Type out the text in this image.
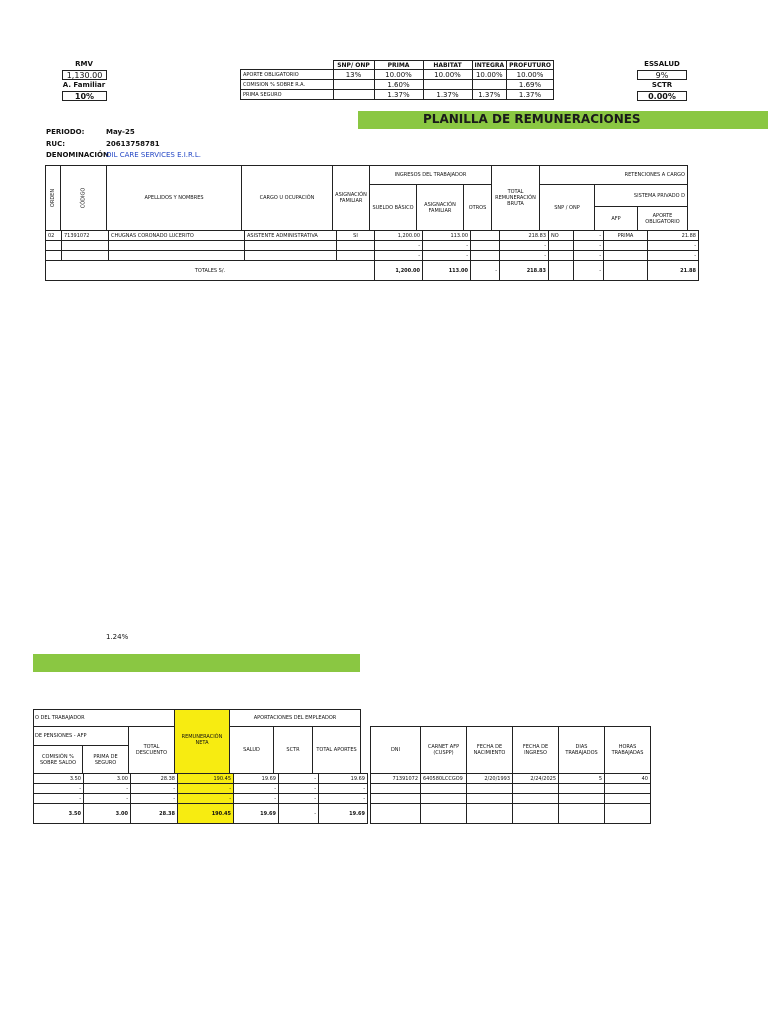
RMV
1,130.00
A. Familiar
10%
ESSALUD
9%
SCTR
0.00%
	SNP/ ONP	PRIMA	HABITAT	INTEGRA	PROFUTURO
APORTE OBLIGATORIO	13%	10.00%	10.00%	10.00%	10.00%
COMISION % SOBRE R.A.		1.60%			1.69%
PRIMA SEGURO		1.37%	1.37%	1.37%	1.37%
PLANILLA DE REMUNERACIONES
PERIODO:	May-25
RUC:	20613758781
DENOMINACIÓN
OIL CARE SERVICES E.I.R.L.
ORDEN	CÓDIGO	APELLIDOS Y NOMBRES	CARGO U OCUPACIÓN	ASIGNACIÓN FAMILIAR
INGRESOS DEL TRABAJADOR
SUELDO BÁSICO	ASIGNACIÓN FAMILIAR	OTROS
TOTAL REMUNERACIÓN BRUTA
RETENCIONES A CARGO
SNP / ONP
SISTEMA PRIVADO D
AFP	APORTE OBLIGATORIO
02	71391072	CHUGNAS CORONADO LUCERITO	ASISTENTE ADMINISTRATIVA	SI	1,200.00	113.00		218.83	NO	-	PRIMA	21.88
					-	-		-		-		-
					-	-		-		-		-
TOTALES S/.					1,200.00	113.00	-	218.83		-		21.88
1.24%
O DEL TRABAJADOR
DE PENSIONES - AFP
COMISIÓN % SOBRE SALDO
PRIMA DE SEGURO
TOTAL DESCUENTO
REMUNERACIÓN NETA
APORTACIONES DEL EMPLEADOR
SALUD	SCTR	TOTAL APORTES
3.50	3.00	28.38	190.45	19.69	-	19.69
-	-	-	-	-	-	-
-	-	-	-	-	-	-
3.50	3.00	28.38	190.45	19.69	-	19.69
DNI	CARNET AFP (CUSPP)	FECHA DE NACIMIENTO	FECHA DE INGRESO	DIAS TRABAJADOS	HORAS TRABAJADAS
71391072	640580LCCGO9	2/20/1993	2/24/2025	5	40
